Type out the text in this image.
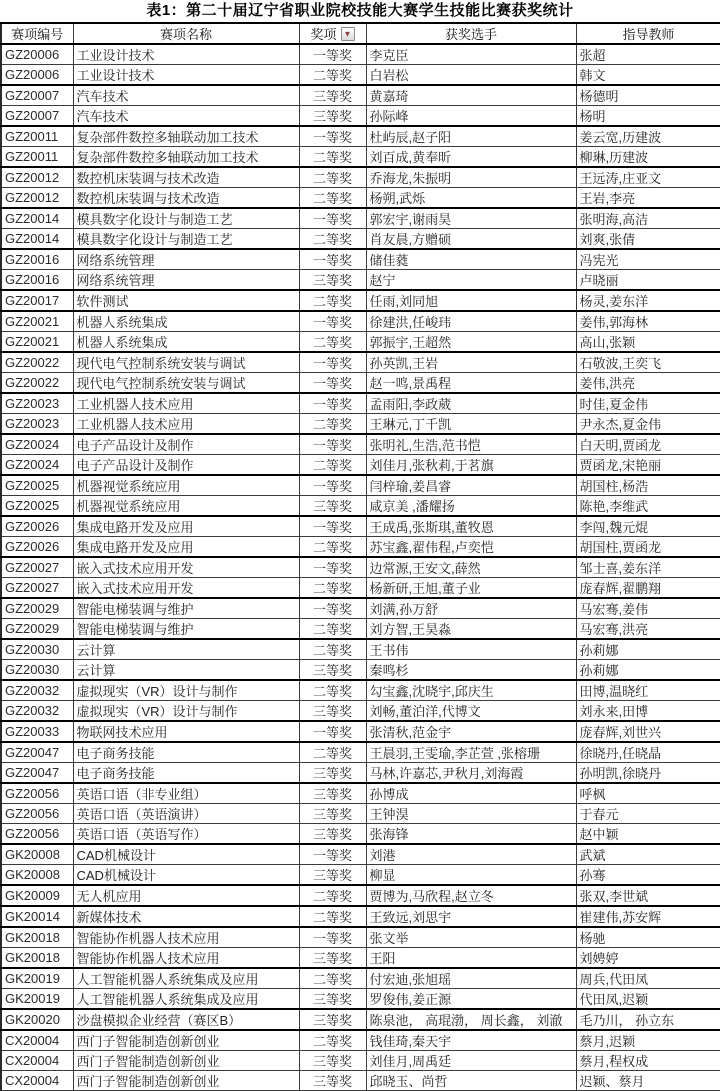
表1：第二十届辽宁省职业院校技能大赛学生技能比赛获奖统计
赛项编号	赛项名称	奖项 ▼	获奖选手	指导教师
GZ20006	工业设计技术	一等奖	李克臣	张超
GZ20006	工业设计技术	二等奖	白岩松	韩文
GZ20007	汽车技术	三等奖	黄嘉琦	杨德明
GZ20007	汽车技术	三等奖	孙际峰	杨明
GZ20011	复杂部件数控多轴联动加工技术	一等奖	杜屿辰,赵子阳	姜云宽,历建波
GZ20011	复杂部件数控多轴联动加工技术	二等奖	刘百成,黄奉昕	柳琳,历建波
GZ20012	数控机床装调与技术改造	二等奖	乔海龙,朱振明	王远涛,庄亚文
GZ20012	数控机床装调与技术改造	二等奖	杨朔,武烁	王岩,李亮
GZ20014	模具数字化设计与制造工艺	一等奖	郭宏宇,谢雨昊	张明海,高洁
GZ20014	模具数字化设计与制造工艺	二等奖	肖友晨,方赠硕	刘爽,张倩
GZ20016	网络系统管理	一等奖	储佳蕤	冯宪光
GZ20016	网络系统管理	三等奖	赵宁	卢晓丽
GZ20017	软件测试	二等奖	任雨,刘同旭	杨灵,姜东洋
GZ20021	机器人系统集成	一等奖	徐建洪,任峻玮	姜伟,郭海林
GZ20021	机器人系统集成	二等奖	郭振宇,王超然	高山,张颖
GZ20022	现代电气控制系统安装与调试	一等奖	孙英凯,王岩	石敬波,王奕飞
GZ20022	现代电气控制系统安装与调试	一等奖	赵一鸣,景禹程	姜伟,洪亮
GZ20023	工业机器人技术应用	一等奖	孟雨阳,李政葳	时佳,夏金伟
GZ20023	工业机器人技术应用	二等奖	王琳元,丁千凯	尹永杰,夏金伟
GZ20024	电子产品设计及制作	一等奖	张明礼,生浩,范书恺	白天明,贾函龙
GZ20024	电子产品设计及制作	二等奖	刘佳月,张秋莉,于茗旗	贾函龙,宋艳丽
GZ20025	机器视觉系统应用	一等奖	闫梓瑜,姜昌睿	胡国柱,杨浩
GZ20025	机器视觉系统应用	三等奖	咸京美 ,潘耀扬	陈艳,李维武
GZ20026	集成电路开发及应用	一等奖	王成禹,张斯琪,董牧恩	李闯,魏元焜
GZ20026	集成电路开发及应用	二等奖	苏宝鑫,翟伟程,卢奕恺	胡国柱,贾函龙
GZ20027	嵌入式技术应用开发	一等奖	边常源,王安文,薛然	邹士喜,姜东洋
GZ20027	嵌入式技术应用开发	二等奖	杨新研,王旭,董子业	庞春辉,翟鹏翔
GZ20029	智能电梯装调与维护	一等奖	刘满,孙万舒	马宏骞,姜伟
GZ20029	智能电梯装调与维护	二等奖	刘方智,王昊淼	马宏骞,洪亮
GZ20030	云计算	二等奖	王书伟	孙莉娜
GZ20030	云计算	三等奖	秦鸣杉	孙莉娜
GZ20032	虚拟现实（VR）设计与制作	二等奖	勾宝鑫,沈晓宇,邱庆生	田博,温晓红
GZ20032	虚拟现实（VR）设计与制作	三等奖	刘畅,董泊洋,代博文	刘永来,田博
GZ20033	物联网技术应用	一等奖	张清秋,范金宇	庞春辉,刘世兴
GZ20047	电子商务技能	二等奖	王晨羽,王雯瑜,李芷萱 ,张榕珊	徐晓丹,任晓晶
GZ20047	电子商务技能	三等奖	马林,许嘉芯,尹秋月,刘海霞	孙明凯,徐晓丹
GZ20056	英语口语（非专业组）	三等奖	孙博成	呼枫
GZ20056	英语口语（英语演讲）	三等奖	王钟淏	于春元
GZ20056	英语口语（英语写作）	三等奖	张海锋	赵中颖
GK20008	CAD机械设计	一等奖	刘港	武斌
GK20008	CAD机械设计	三等奖	柳显	孙骞
GK20009	无人机应用	二等奖	贾博为,马欣程,赵立冬	张双,李世斌
GK20014	新媒体技术	二等奖	王致远,刘思宇	崔建伟,苏安辉
GK20018	智能协作机器人技术应用	一等奖	张文举	杨驰
GK20018	智能协作机器人技术应用	三等奖	王阳	刘娉婷
GK20019	人工智能机器人系统集成及应用	二等奖	付宏迪,张旭瑶	周兵,代田凤
GK20019	人工智能机器人系统集成及应用	三等奖	罗俊伟,姜正源	代田凤,迟颖
GK20020	沙盘模拟企业经营（赛区B）	三等奖	陈泉池， 高琨渤， 周长鑫， 刘澈	毛乃川， 孙立东
CX20004	西门子智能制造创新创业	二等奖	钱佳琦,秦天宇	蔡月,迟颖
CX20004	西门子智能制造创新创业	三等奖	刘佳月,周禹廷	蔡月,程权成
CX20004	西门子智能制造创新创业	三等奖	邱晓玉、尚哲	迟颖、蔡月
